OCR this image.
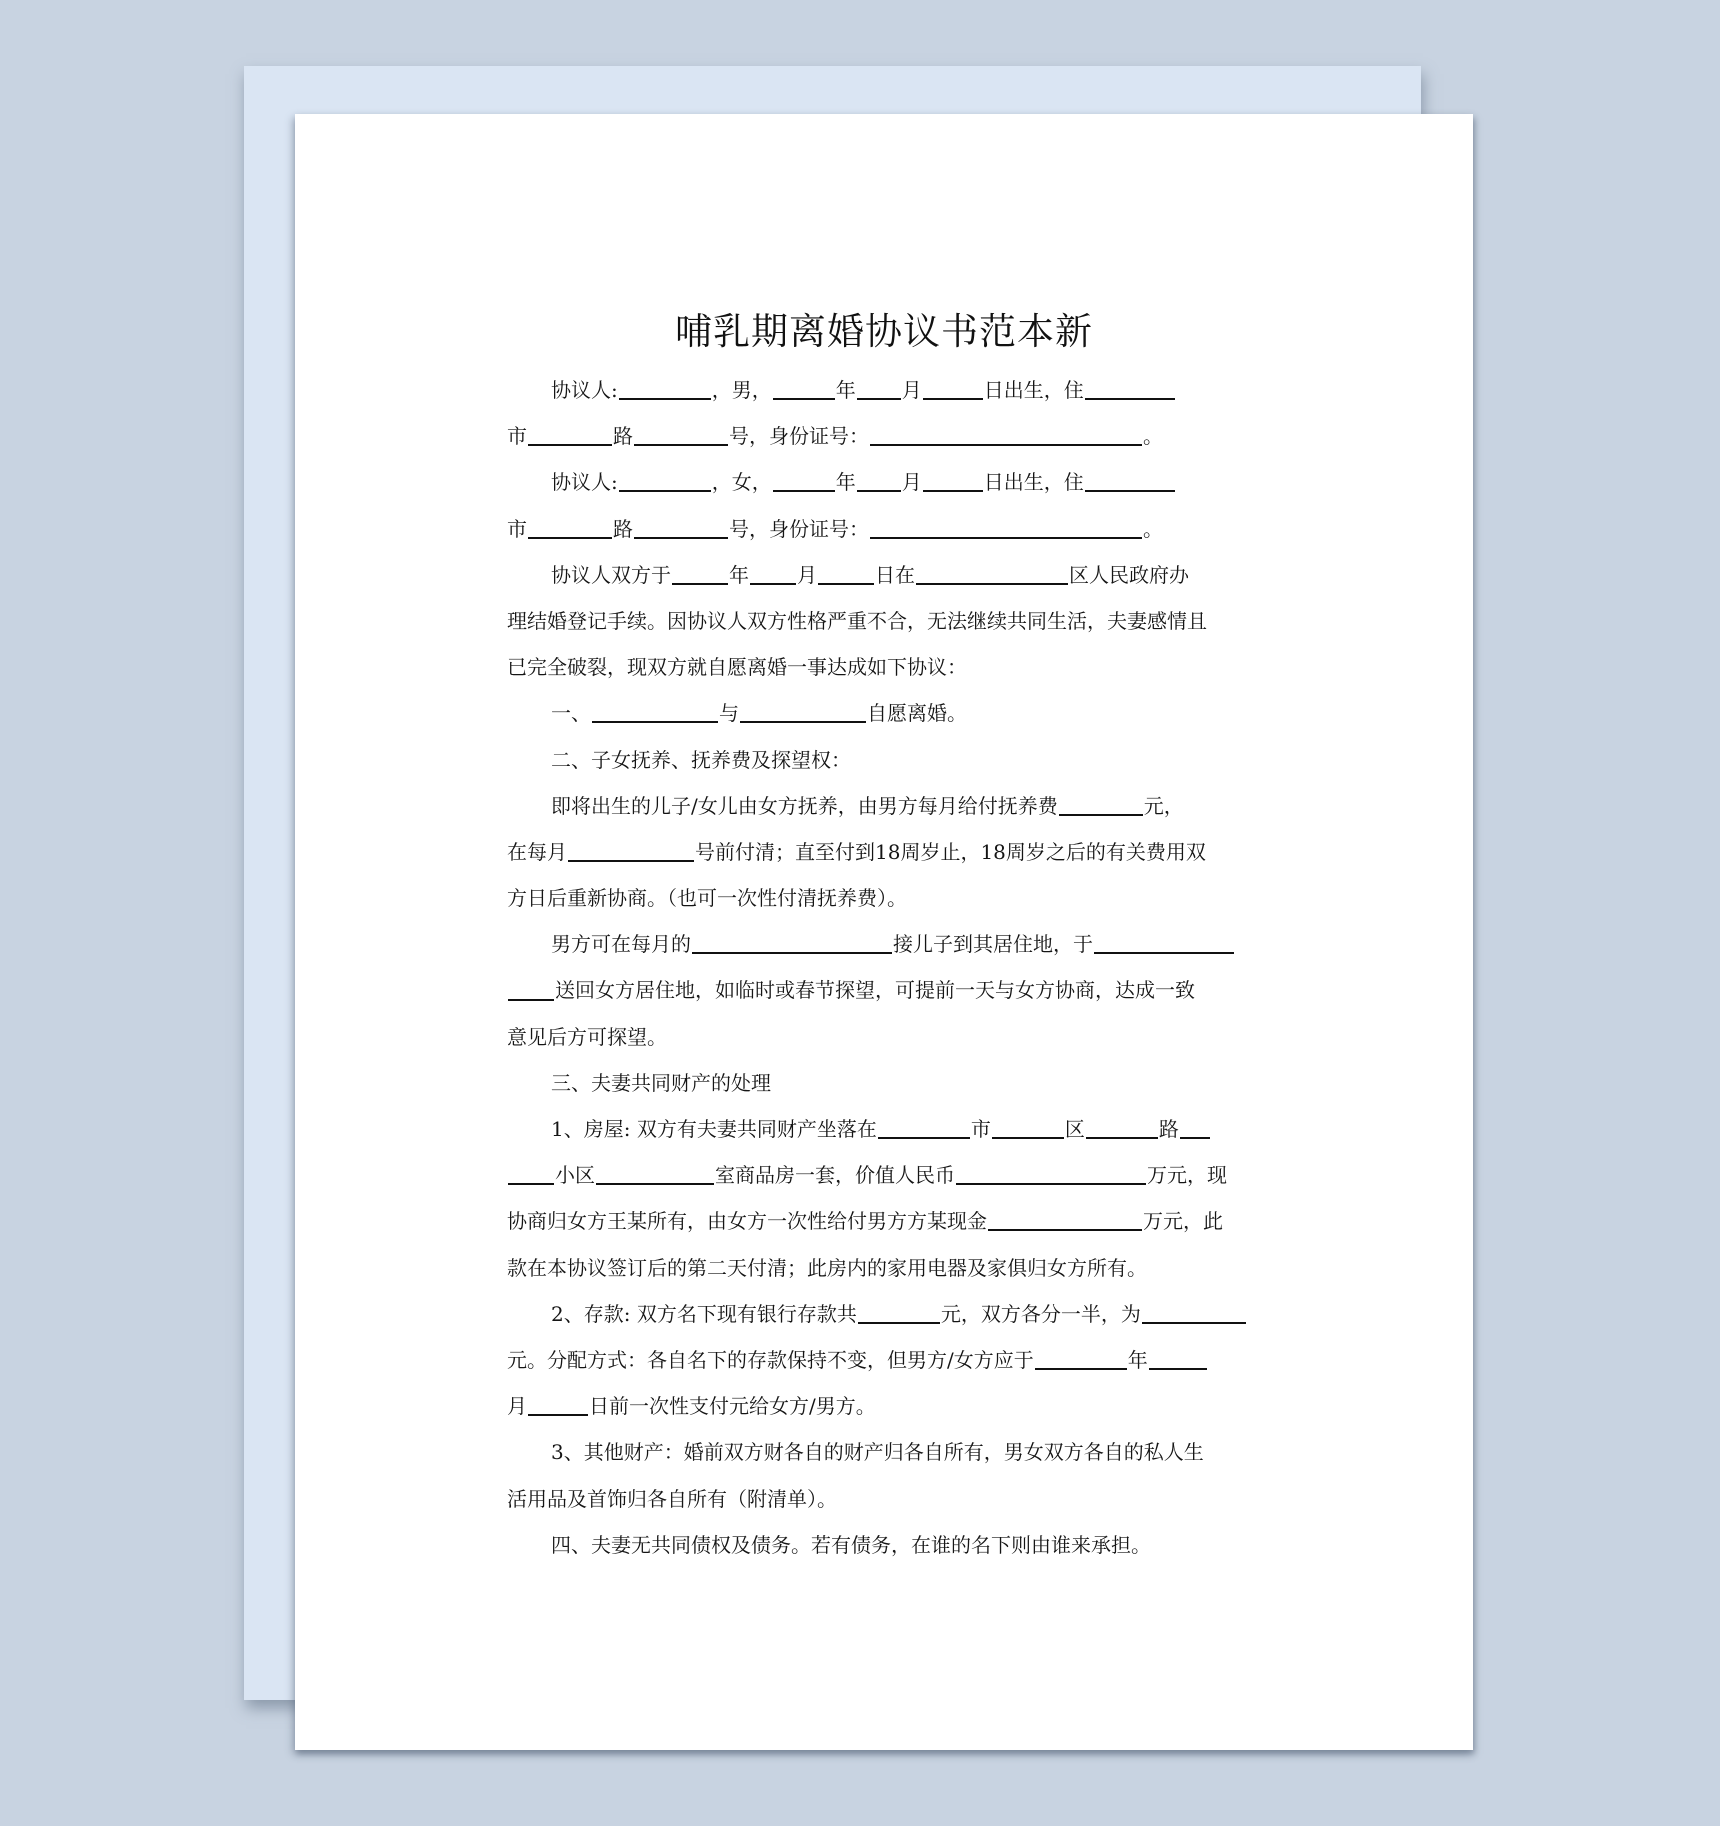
哺乳期离婚协议书范本新
协议人:	，男，	年 月	日出生，住
市	路	号，身份证号：	。
协议人:	，女，	年 月	日出生，住
市	路	号，身份证号：	。
协议人双方于	年 月	日在	区人民政府办
理结婚登记手续。因协议人双方性格严重不合，无法继续共同生活，夫妻感情且
已完全破裂，现双方就自愿离婚一事达成如下协议：
一、	与	自愿离婚。
二、子女抚养、抚养费及探望权：
即将出生的儿子/女儿由女方抚养，由男方每月给付抚养费	元，
在每月	号前付清；直至付到18周岁止，18周岁之后的有关费用双
方日后重新协商。（也可一次性付清抚养费）。
男方可在每月的	接儿子到其居住地，于
送回女方居住地，如临时或春节探望，可提前一天与女方协商，达成一致
意见后方可探望。
三、夫妻共同财产的处理
1、房屋: 双方有夫妻共同财产坐落在	市	区	路
小区	室商品房一套，价值人民币	万元，现
协商归女方王某所有，由女方一次性给付男方方某现金	万元，此
款在本协议签订后的第二天付清；此房内的家用电器及家俱归女方所有。
2、存款: 双方名下现有银行存款共	元，双方各分一半，为
元。分配方式：各自名下的存款保持不变，但男方/女方应于	年
月	日前一次性支付元给女方/男方。
3、其他财产：婚前双方财各自的财产归各自所有，男女双方各自的私人生
活用品及首饰归各自所有（附清单）。
四、夫妻无共同债权及债务。若有债务，在谁的名下则由谁来承担。
